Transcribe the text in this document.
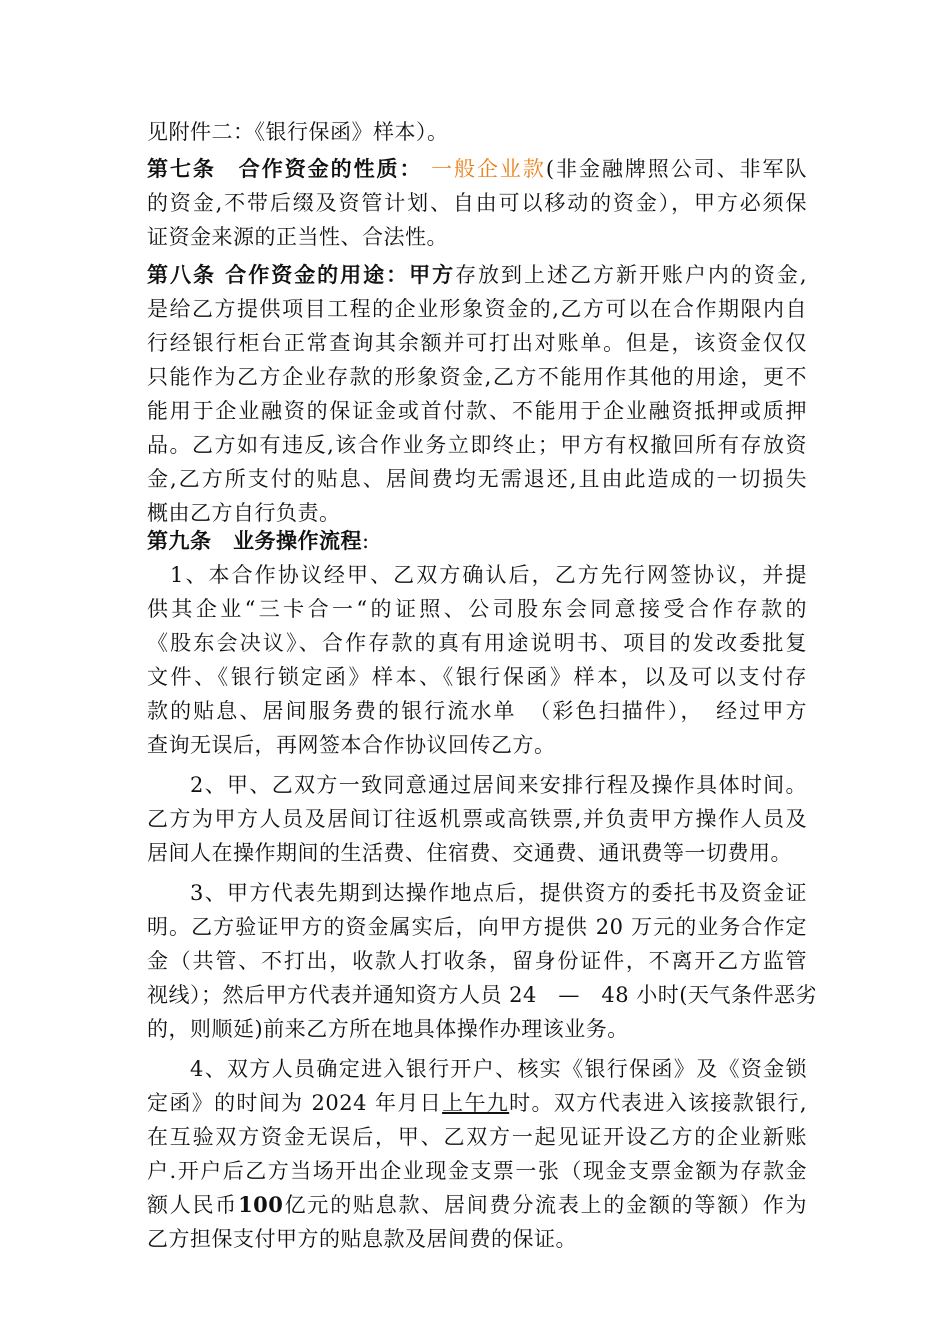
见附件二：《银行保函》样本）。
第七条　合作资金的性质： 一般企业款(非金融牌照公司、非军队
的资金,不带后缀及资管计划、自由可以移动的资金），甲方必须保
证资金来源的正当性、合法性。
第八条 合作资金的用途：甲方存放到上述乙方新开账户内的资金,
是给乙方提供项目工程的企业形象资金的,乙方可以在合作期限内自
行经银行柜台正常查询其余额并可打出对账单。但是，该资金仅仅
只能作为乙方企业存款的形象资金,乙方不能用作其他的用途，更不
能用于企业融资的保证金或首付款、不能用于企业融资抵押或质押
品。乙方如有违反,该合作业务立即终止；甲方有权撤回所有存放资
金,乙方所支付的贴息、居间费均无需退还,且由此造成的一切损失
概由乙方自行负责。
第九条　业务操作流程:
1、本合作协议经甲、乙双方确认后，乙方先行网签协议，并提
供其企业“三卡合一“的证照、公司股东会同意接受合作存款的
《股东会决议》、合作存款的真有用途说明书、项目的发改委批复
文件、《银行锁定函》样本、《银行保函》样本，以及可以支付存
款的贴息、居间服务费的银行流水单　（彩色扫描件），　经过甲方
查询无误后，再网签本合作协议回传乙方。
2、甲、乙双方一致同意通过居间来安排行程及操作具体时间。
乙方为甲方人员及居间订往返机票或高铁票,并负责甲方操作人员及
居间人在操作期间的生活费、住宿费、交通费、通讯费等一切费用。
3、甲方代表先期到达操作地点后，提供资方的委托书及资金证
明。乙方验证甲方的资金属实后，向甲方提供 20 万元的业务合作定
金（共管、不打出，收款人打收条，留身份证件，不离开乙方监管
视线）；然后甲方代表并通知资方人员 24　—　48 小时(天气条件恶劣
的，则顺延)前来乙方所在地具体操作办理该业务。
4、双方人员确定进入银行开户、核实《银行保函》及《资金锁
定函》的时间为 2024 年月日上午九时。双方代表进入该接款银行,
在互验双方资金无误后，甲、乙双方一起见证开设乙方的企业新账
户.开户后乙方当场开出企业现金支票一张（现金支票金额为存款金
额人民币100亿元的贴息款、居间费分流表上的金额的等额）作为
乙方担保支付甲方的贴息款及居间费的保证。
